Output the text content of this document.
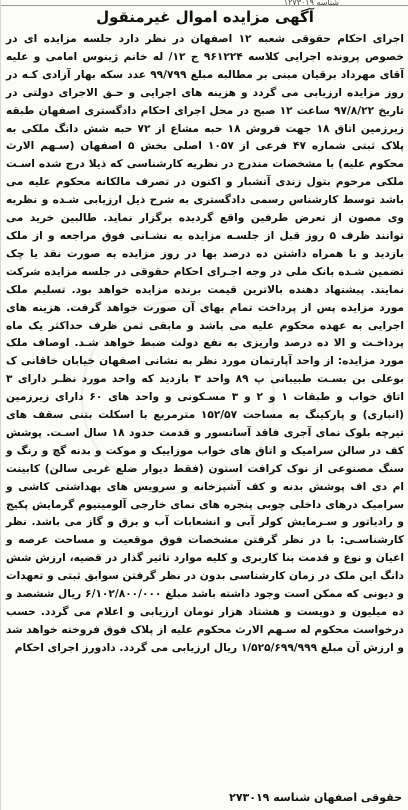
شناسه ۱۲۷۳۰۱۹
آگهی مزایده اموال غیرمنقول

اجرای احکام حقوقی شعبه ۱۲ اصفهان در نظر دارد جلسه مزایده ای در خصوص پرونده اجرایی کلاسه ۹۶۱۲۲۴ ج ۱۲/ له خانم ژینوس امامی و علیه آقای مهرداد برقیان مبنی بر مطالبه مبلغ ۹۹/۷۹۹ عدد سکه بهار آزادی کـه در روز مزایده ارزیابی می گردد و هزینه های اجرایی و حـق الاجرای دولتی در تاریخ ۹۷/۸/۲۲ ساعت ۱۲ صبح در محل اجرای احکام دادگستری اصفهان طبقه زیرزمین اتاق ۱۸ جهت فروش ۱۸ حبه مشاع از ۷۲ حبه شش دانگ ملکی به پلاک ثبتی شماره ۴۷ فرعی از ۱۰۵۷ اصلی بخش ۵ اصفهان (سـهم الارث محکوم علیه) با مشخصات مندرج در نظریه کارشناسی که ذیلا درج شده اسـت ملکی مرحوم بتول زندی آتشبار و اکنون در تصرف مالکانه محکوم علیه می باشد توسط کارشناس رسمی دادگستری به شرح ذیل ارزیابی شـده و نظریه وی مصون از تعرض طرفین واقع گردیده برگزار نماید. طالبین خرید می توانند ظرف ۵ روز قبل از جلسـه مزایده به نشـانی فوق مراجعه و از ملک بازدید و با همراه داشتن ده درصد بها در روز مزایده به صورت نقد یا چک تضمین شـده بانک ملی در وجه اجـرای احکام حقوقی در جلسه مزایده شرکت نمایند. پیشنهاد دهنده بالاترین قیمت برنده مزایده خواهد بود. تسلیم ملک مورد مزایده پس از پرداخت تمام بهای آن صورت خواهد گرفت. هزینه های اجرایی به عهده محکوم علیه می باشد و مابقی ثمن ظرف حداکثر یک ماه پرداخـت و الا ده درصد واریزی به نفع دولت ضبط خواهد شـد. اوصاف ملک مورد مزایده: از واحد آپارتمان مورد نظر به نشانی اصفهان خیابان خاقانی ک بوعلی بن بسـت طبیبانی پ ۸۹ واحد ۳ بازدید که واحد مورد نظـر دارای ۳ اتاق خواب و طبقات ۱ و ۲ و ۳ مسـکونی و واحد های ۶۰ دارای زیرزمین (انباری) و پارکینگ به مساحت ۱۵۲/۵۷ مترمربع با اسکلت بتنی سقف های تیرچه بلوک نمای آجری فاقد آسانسور و قدمت حدود ۱۸ سال اسـت. پوشش کف در سالن سرامیک و اتاق های خواب موزاییک و موکت و بدنه گچ و رنگ و سنگ مصنوعی از نوک کرافت استون (فقط دیوار ضلع غربی سالن) کابینت ام دی اف پوشش بدنه و کف آشپزخانه و سرویس های بهداشتی کاشی و سرامیک درهای داخلی چوبی پنجره های نمای خارجی آلومینیوم گرمایش پکیج و رادیاتور و سـرمایش کولر آبی و انشعابات آب و برق و گاز می باشد. نظر کارشناسـی: با در نظر گرفتن مشخصات فوق موقعیت و مساحت عرصه و اعیان و نوع و قدمت بنا کاربری و کلیه موارد تاثیر گذار در قضیه، ارزش شش دانگ این ملک در زمان کارشناسی بدون در نظر گرفتن سوابق ثبتی و تعهدات و دیونی که ممکن است وجود داشته باشد مبلغ ۶/۱۰۲/۸۰۰/۰۰۰ ریال ششصد و ده میلیون و دویست و هشتاد هزار تومان ارزیابی و اعلام می گردد. حسب درخواست محکوم له سـهم الارث محکوم علیه از پلاک فوق فروخته خواهد شد و ارزش آن مبلغ ۱/۵۲۵/۶۹۹/۹۹۹ ریال ارزیابی می گردد. دادورز اجرای احکام

حقوقی اصفهان شناسه ۲۷۳۰۱۹
